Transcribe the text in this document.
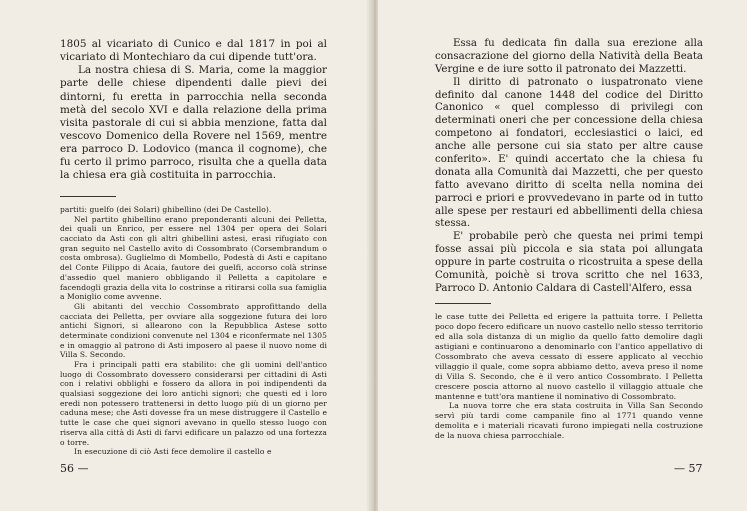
1805 al vicariato di Cunico e dal 1817 in poi al vicariato di Montechiaro da cui dipende tutt'ora.

La nostra chiesa di S. Maria, come la maggior parte delle chiese dipendenti dalle pievi dei dintorni, fu eretta in parrocchia nella seconda metà del secolo XVI e dalla relazione della prima visita pastorale di cui si abbia menzione, fatta dal vescovo Domenico della Rovere nel 1569, mentre era parroco D. Lodovico (manca il cognome), che fu certo il primo parroco, risulta che a quella data la chiesa era già costituita in parrocchia.

partiti: guelfo (dei Solari) ghibellino (dei De Castello).

Nel partito ghibellino erano preponderanti alcuni dei Pelletta, dei quali un Enrico, per essere nel 1304 per opera dei Solari cacciato da Asti con gli altri ghibellini astesi, erasi rifugiato con gran seguito nel Castello avito di Cossombrato (Corsembrandum o costa ombrosa). Guglielmo di Mombello, Podestà di Asti e capitano del Conte Filippo di Acaia, fautore dei guelfi, accorso colà strinse d'assedio quel maniero obbligando il Pelletta a capitolare e facendogli grazia della vita lo costrinse a ritirarsi colla sua famiglia a Moniglio come avvenne.

Gli abitanti del vecchio Cossombrato approfittando della cacciata dei Pelletta, per ovviare alla soggezione futura dei loro antichi Signori, si allearono con la Repubblica Astese sotto determinate condizioni convenute nel 1304 e riconfermate nel 1305 e in omaggio al patrono di Asti imposero al paese il nuovo nome di Villa S. Secondo.

Fra i principali patti era stabilito: che gli uomini dell'antico luogo di Cossombrato dovessero considerarsi per cittadini di Asti con i relativi obblighi e fossero da allora in poi indipendenti da qualsiasi soggezione dei loro antichi signori; che questi ed i loro eredi non potessero trattenersi in detto luogo più di un giorno per caduna mese; che Asti dovesse fra un mese distruggere il Castello e tutte le case che quei signori avevano in quello stesso luogo con riserva alla città di Asti di farvi edificare un palazzo od una fortezza o torre.

In esecuzione di ciò Asti fece demolire il castello e

56 —

Essa fu dedicata fin dalla sua erezione alla consacrazione del giorno della Natività della Beata Vergine e de iure sotto il patronato dei Mazzetti.

Il diritto di patronato o iuspatronato viene definito dal canone 1448 del codice del Diritto Canonico « quel complesso di privilegi con determinati oneri che per concessione della chiesa competono ai fondatori, ecclesiastici o laici, ed anche alle persone cui sia stato per altre cause conferito». E' quindi accertato che la chiesa fu donata alla Comunità dai Mazzetti, che per questo fatto avevano diritto di scelta nella nomina dei parroci e priori e provvedevano in parte od in tutto alle spese per restauri ed abbellimenti della chiesa stessa.

E' probabile però che questa nei primi tempi fosse assai più piccola e sia stata poi allungata oppure in parte costruita o ricostruita a spese della Comunità, poichè si trova scritto che nel 1633, Parroco D. Antonio Caldara di Castell'Alfero, essa

le case tutte dei Pelletta ed erigere la pattuita torre. I Pelletta poco dopo fecero edificare un nuovo castello nello stesso territorio ed alla sola distanza di un miglio da quello fatto demolire dagli astigiani e continuarono a denominarlo con l'antico appellativo di Cossombrato che aveva cessato di essere applicato al vecchio villaggio il quale, come sopra abbiamo detto, aveva preso il nome di Villa S. Secondo, che è il vero antico Cossombrato. I Pelletta crescere poscia attorno al nuovo castello il villaggio attuale che mantenne e tutt'ora mantiene il nominativo di Cossombrato.

La nuova torre che era stata costruita in Villa San Secondo servì più tardi come campanile fino al 1771 quando venne demolita e i materiali ricavati furono impiegati nella costruzione de la nuova chiesa parrocchiale.

— 57
